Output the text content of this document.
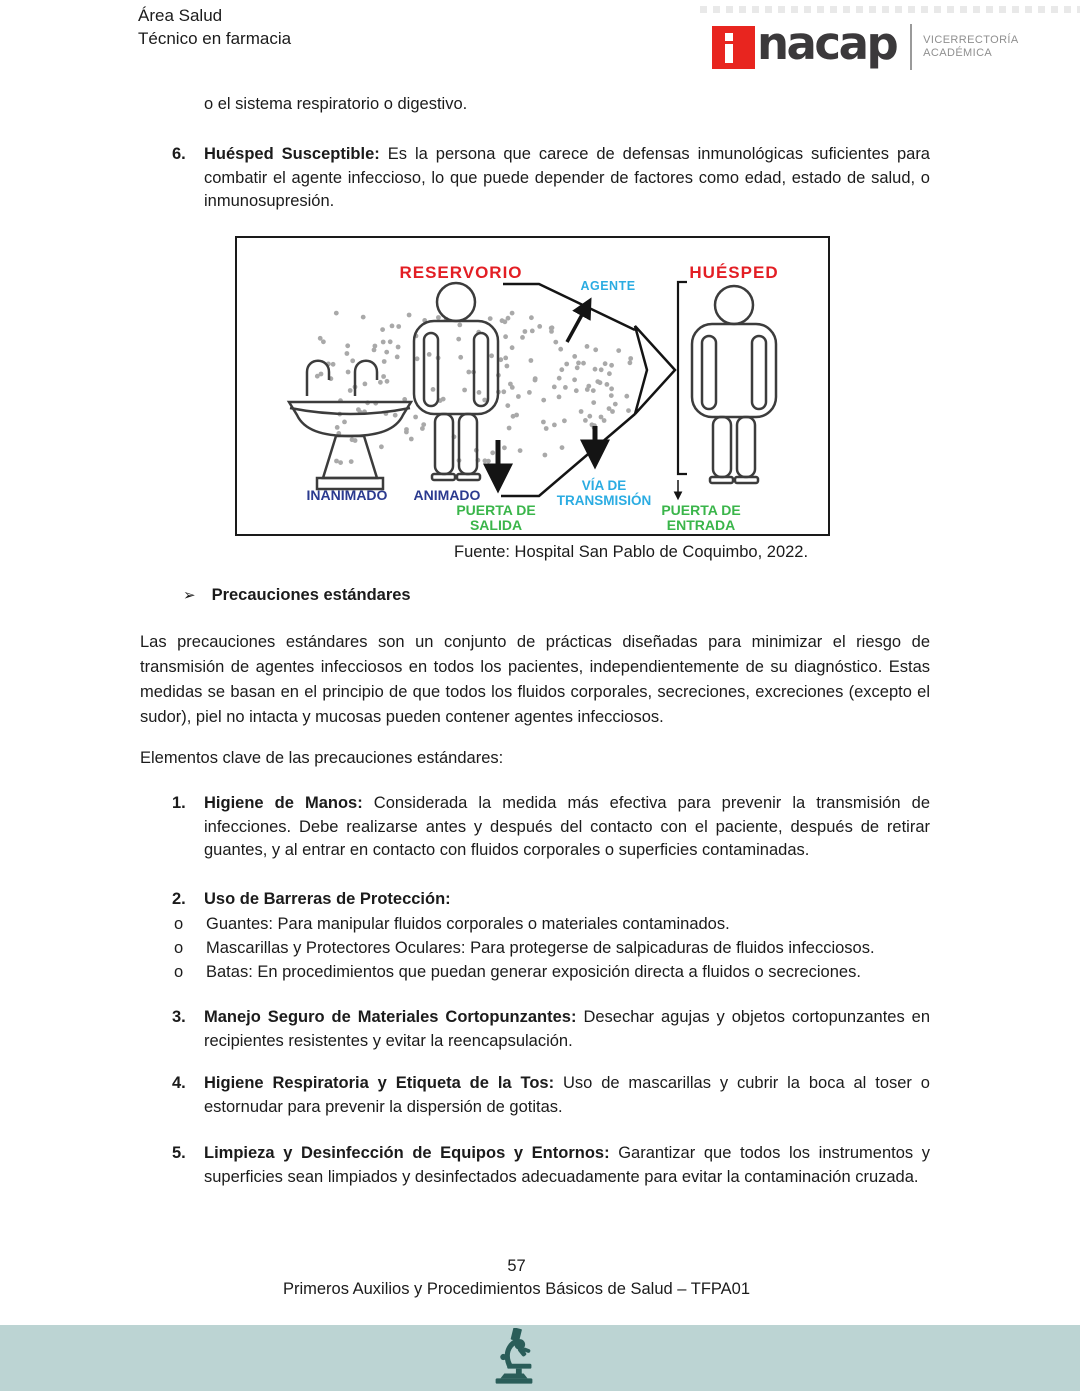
Área Salud
Técnico en farmacia	nacap VICERRECTORÍA
ACADÉMICA

o el sistema respiratorio o digestivo.

6.	Huésped Susceptible: Es la persona que carece de defensas inmunológicas suficientes para combatir el agente infeccioso, lo que puede depender de factores como edad, estado de salud, o inmunosupresión.
RESERVORIO
AGENTE
HUÉSPED
INANIMADO ANIMADO
PUERTA DE
SALIDA
VÍA DE
TRANSMISIÓN
PUERTA DE
ENTRADA
Fuente: Hospital San Pablo de Coquimbo, 2022.
➢ Precauciones estándares

Las precauciones estándares son un conjunto de prácticas diseñadas para minimizar el riesgo de transmisión de agentes infecciosos en todos los pacientes, independientemente de su diagnóstico. Estas medidas se basan en el principio de que todos los fluidos corporales, secreciones, excreciones (excepto el sudor), piel no intacta y mucosas pueden contener agentes infecciosos.

Elementos clave de las precauciones estándares:

1.	Higiene de Manos: Considerada la medida más efectiva para prevenir la transmisión de infecciones. Debe realizarse antes y después del contacto con el paciente, después de retirar guantes, y al entrar en contacto con fluidos corporales o superficies contaminadas.
2.	Uso de Barreras de Protección:
o	Guantes: Para manipular fluidos corporales o materiales contaminados.
o	Mascarillas y Protectores Oculares: Para protegerse de salpicaduras de fluidos infecciosos.
o	Batas: En procedimientos que puedan generar exposición directa a fluidos o secreciones.
3.	Manejo Seguro de Materiales Cortopunzantes: Desechar agujas y objetos cortopunzantes en recipientes resistentes y evitar la reencapsulación.
4.	Higiene Respiratoria y Etiqueta de la Tos: Uso de mascarillas y cubrir la boca al toser o estornudar para prevenir la dispersión de gotitas.
5.	Limpieza y Desinfección de Equipos y Entornos: Garantizar que todos los instrumentos y superficies sean limpiados y desinfectados adecuadamente para evitar la contaminación cruzada.
57
Primeros Auxilios y Procedimientos Básicos de Salud – TFPA01
